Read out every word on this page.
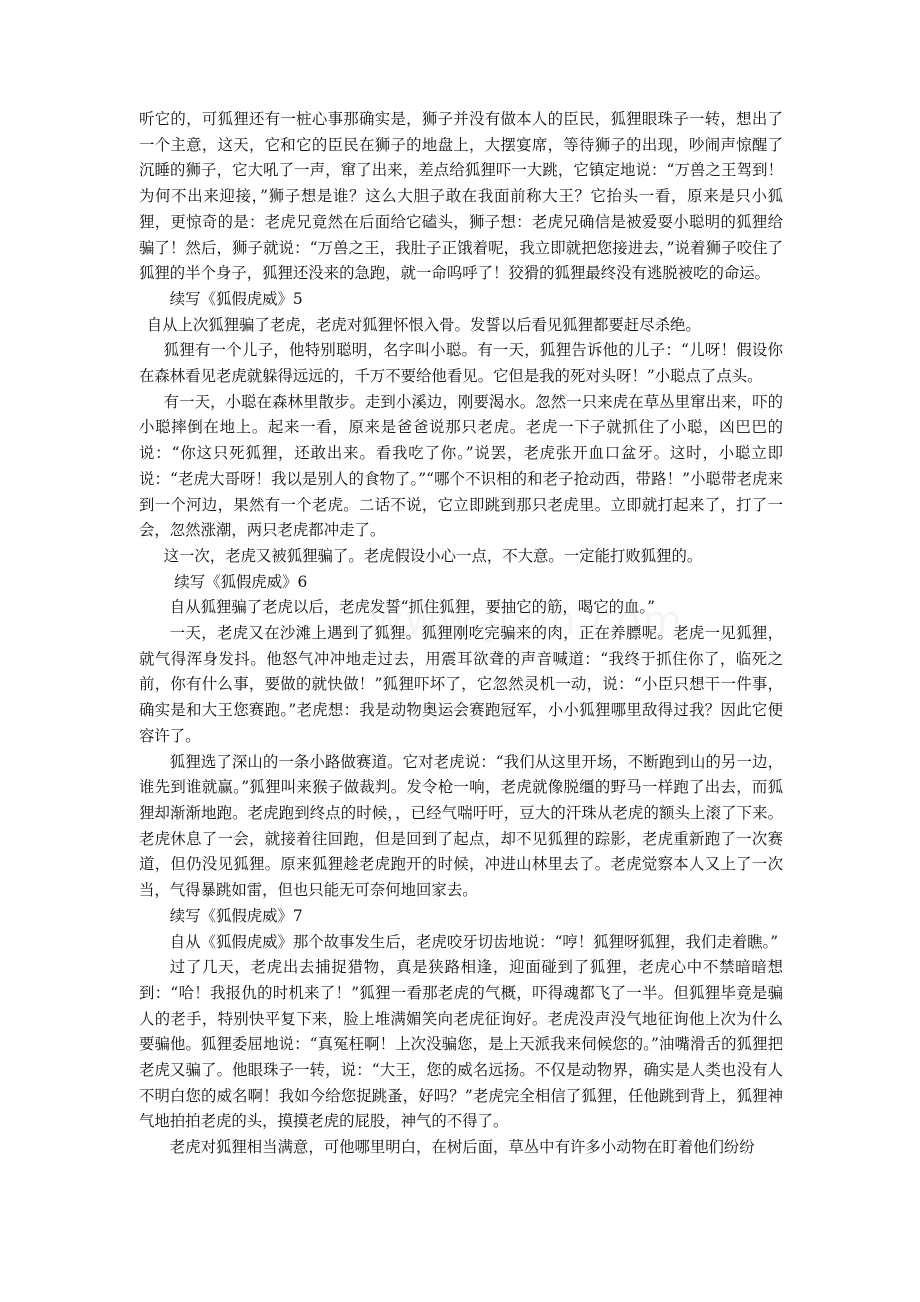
听它的，可狐狸还有一桩心事那确实是，狮子并没有做本人的臣民，狐狸眼珠子一转，想出了一个主意，这天，它和它的臣民在狮子的地盘上，大摆宴席，等待狮子的出现，吵闹声惊醒了沉睡的狮子，它大吼了一声，窜了出来，差点给狐狸吓一大跳，它镇定地说：“万兽之王驾到！为何不出来迎接，”狮子想是谁？这么大胆子敢在我面前称大王？它抬头一看，原来是只小狐狸，更惊奇的是：老虎兄竟然在后面给它磕头，狮子想：老虎兄确信是被爱耍小聪明的狐狸给骗了！然后，狮子就说：“万兽之王，我肚子正饿着呢，我立即就把您接进去，”说着狮子咬住了狐狸的半个身子，狐狸还没来的急跑，就一命呜呼了！狡猾的狐狸最终没有逃脱被吃的命运。

续写《狐假虎威》5

自从上次狐狸骗了老虎，老虎对狐狸怀恨入骨。发誓以后看见狐狸都要赶尽杀绝。

狐狸有一个儿子，他特别聪明，名字叫小聪。有一天，狐狸告诉他的儿子：“儿呀！假设你在森林看见老虎就躲得远远的，千万不要给他看见。它但是我的死对头呀！”小聪点了点头。

有一天，小聪在森林里散步。走到小溪边，刚要渴水。忽然一只来虎在草丛里窜出来，吓的小聪摔倒在地上。起来一看，原来是爸爸说那只老虎。老虎一下子就抓住了小聪，凶巴巴的说：“你这只死狐狸，还敢出来。看我吃了你。”说罢，老虎张开血口盆牙。这时，小聪立即说：“老虎大哥呀！我以是别人的食物了。”“哪个不识相的和老子抢动西，带路！”小聪带老虎来到一个河边，果然有一个老虎。二话不说，它立即跳到那只老虎里。立即就打起来了，打了一会，忽然涨潮，两只老虎都冲走了。

这一次，老虎又被狐狸骗了。老虎假设小心一点，不大意。一定能打败狐狸的。

续写《狐假虎威》6

自从狐狸骗了老虎以后，老虎发誓“抓住狐狸，要抽它的筋，喝它的血。”

一天，老虎又在沙滩上遇到了狐狸。狐狸刚吃完骗来的肉，正在养膘呢。老虎一见狐狸，就气得浑身发抖。他怒气冲冲地走过去，用震耳欲聋的声音喊道：“我终于抓住你了，临死之前，你有什么事，要做的就快做！”狐狸吓坏了，它忽然灵机一动，说：“小臣只想干一件事，确实是和大王您赛跑。”老虎想：我是动物奥运会赛跑冠军，小小狐狸哪里敌得过我？因此它便容许了。

狐狸选了深山的一条小路做赛道。它对老虎说：“我们从这里开场，不断跑到山的另一边，谁先到谁就赢。”狐狸叫来猴子做裁判。发令枪一响，老虎就像脱缰的野马一样跑了出去，而狐狸却渐渐地跑。老虎跑到终点的时候，，已经气喘吁吁，豆大的汗珠从老虎的额头上滚了下来。老虎休息了一会，就接着往回跑，但是回到了起点，却不见狐狸的踪影，老虎重新跑了一次赛道，但仍没见狐狸。原来狐狸趁老虎跑开的时候，冲进山林里去了。老虎觉察本人又上了一次当，气得暴跳如雷，但也只能无可奈何地回家去。

续写《狐假虎威》7

自从《狐假虎威》那个故事发生后，老虎咬牙切齿地说：“哼！狐狸呀狐狸，我们走着瞧。”

过了几天，老虎出去捕捉猎物，真是狭路相逢，迎面碰到了狐狸，老虎心中不禁暗暗想到：“哈！我报仇的时机来了！”狐狸一看那老虎的气概，吓得魂都飞了一半。但狐狸毕竟是骗人的老手，特别快平复下来，脸上堆满媚笑向老虎征询好。老虎没声没气地征询他上次为什么要骗他。狐狸委屈地说：“真冤枉啊！上次没骗您，是上天派我来伺候您的。”油嘴滑舌的狐狸把老虎又骗了。他眼珠子一转，说：“大王，您的威名远扬。不仅是动物界，确实是人类也没有人不明白您的威名啊！我如今给您捉跳蚤，好吗？”老虎完全相信了狐狸，任他跳到背上，狐狸神气地拍拍老虎的头，摸摸老虎的屁股，神气的不得了。

老虎对狐狸相当满意，可他哪里明白，在树后面，草丛中有许多小动物在盯着他们纷纷
